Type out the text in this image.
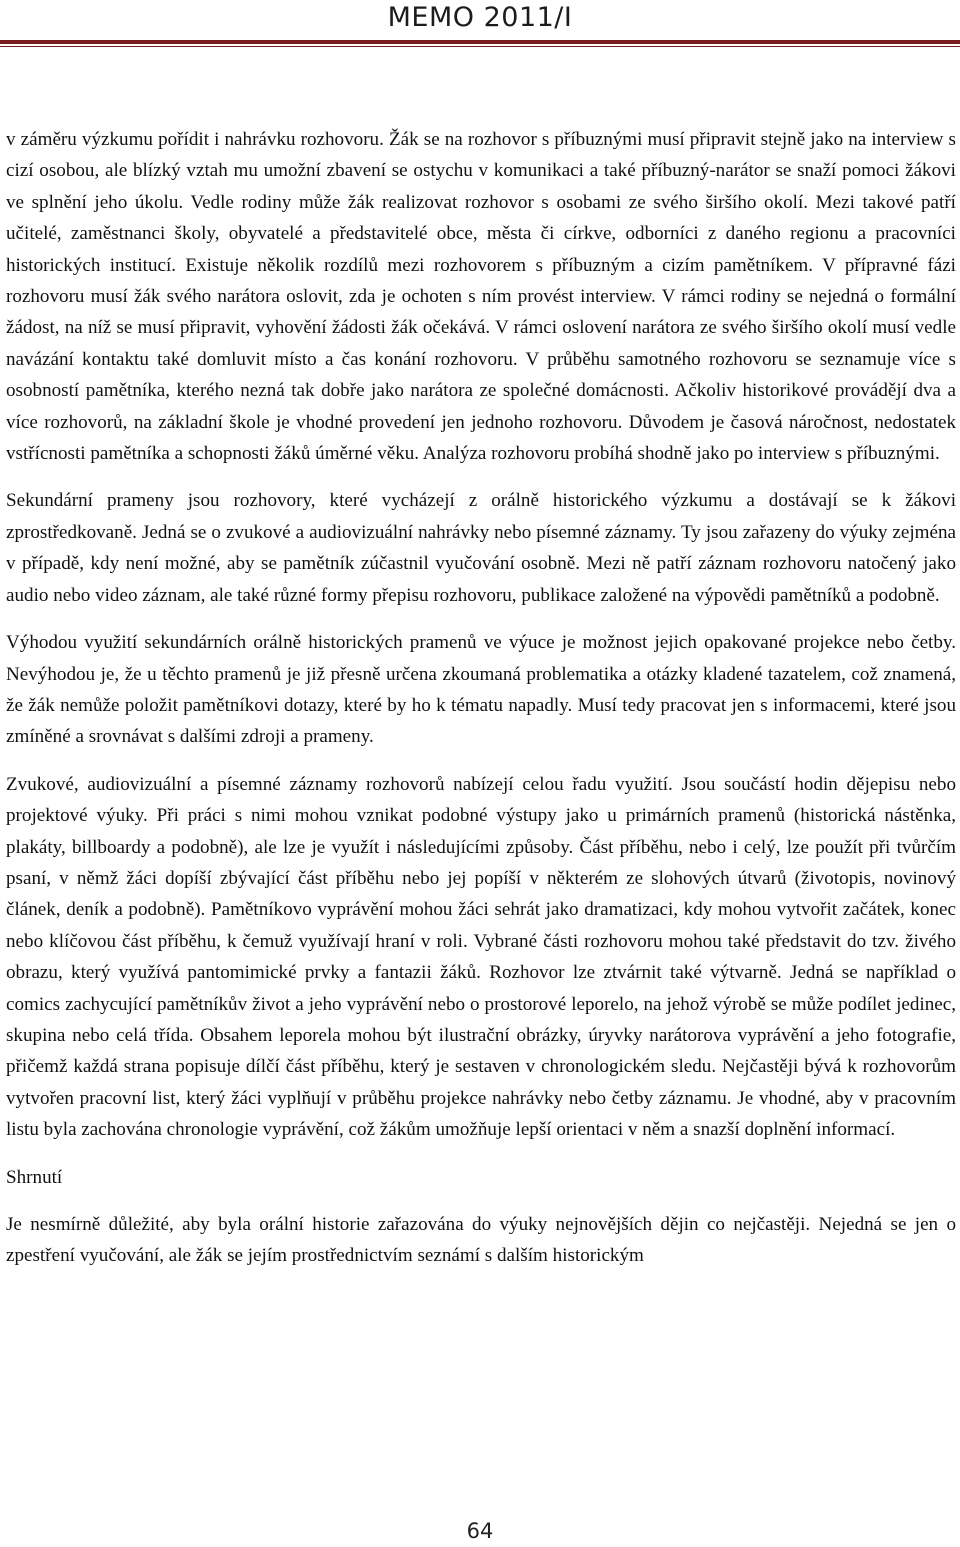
MEMO 2011/I

v záměru výzkumu pořídit i nahrávku rozhovoru. Žák se na rozhovor s příbuznými musí připravit stejně jako na interview s cizí osobou, ale blízký vztah mu umožní zbavení se ostychu v komunikaci a také příbuzný-narátor se snaží pomoci žákovi ve splnění jeho úkolu. Vedle rodiny může žák realizovat rozhovor s osobami ze svého širšího okolí. Mezi takové patří učitelé, zaměstnanci školy, obyvatelé a představitelé obce, města či církve, odborníci z daného regionu a pracovníci historických institucí. Existuje několik rozdílů mezi rozhovorem s příbuzným a cizím pamětníkem. V přípravné fázi rozhovoru musí žák svého narátora oslovit, zda je ochoten s ním provést interview. V rámci rodiny se nejedná o formální žádost, na níž se musí připravit, vyhovění žádosti žák očekává. V rámci oslovení narátora ze svého širšího okolí musí vedle navázání kontaktu také domluvit místo a čas konání rozhovoru. V průběhu samotného rozhovoru se seznamuje více s osobností pamětníka, kterého nezná tak dobře jako narátora ze společné domácnosti. Ačkoliv historikové provádějí dva a více rozhovorů, na základní škole je vhodné provedení jen jednoho rozhovoru. Důvodem je časová náročnost, nedostatek vstřícnosti pamětníka a schopnosti žáků úměrné věku. Analýza rozhovoru probíhá shodně jako po interview s příbuznými.

Sekundární prameny jsou rozhovory, které vycházejí z orálně historického výzkumu a dostávají se k žákovi zprostředkovaně. Jedná se o zvukové a audiovizuální nahrávky nebo písemné záznamy. Ty jsou zařazeny do výuky zejména v případě, kdy není možné, aby se pamětník zúčastnil vyučování osobně. Mezi ně patří záznam rozhovoru natočený jako audio nebo video záznam, ale také různé formy přepisu rozhovoru, publikace založené na výpovědi pamětníků a podobně.

Výhodou využití sekundárních orálně historických pramenů ve výuce je možnost jejich opakované projekce nebo četby. Nevýhodou je, že u těchto pramenů je již přesně určena zkoumaná problematika a otázky kladené tazatelem, což znamená, že žák nemůže položit pamětníkovi dotazy, které by ho k tématu napadly. Musí tedy pracovat jen s informacemi, které jsou zmíněné a srovnávat s dalšími zdroji a prameny.

Zvukové, audiovizuální a písemné záznamy rozhovorů nabízejí celou řadu využití. Jsou součástí hodin dějepisu nebo projektové výuky. Při práci s nimi mohou vznikat podobné výstupy jako u primárních pramenů (historická nástěnka, plakáty, billboardy a podobně), ale lze je využít i následujícími způsoby. Část příběhu, nebo i celý, lze použít při tvůrčím psaní, v němž žáci dopíší zbývající část příběhu nebo jej popíší v některém ze slohových útvarů (životopis, novinový článek, deník a podobně). Pamětníkovo vyprávění mohou žáci sehrát jako dramatizaci, kdy mohou vytvořit začátek, konec nebo klíčovou část příběhu, k čemuž využívají hraní v roli. Vybrané části rozhovoru mohou také představit do tzv. živého obrazu, který využívá pantomimické prvky a fantazii žáků. Rozhovor lze ztvárnit také výtvarně. Jedná se například o comics zachycující pamětníkův život a jeho vyprávění nebo o prostorové leporelo, na jehož výrobě se může podílet jedinec, skupina nebo celá třída. Obsahem leporela mohou být ilustrační obrázky, úryvky narátorova vyprávění a jeho fotografie, přičemž každá strana popisuje dílčí část příběhu, který je sestaven v chronologickém sledu. Nejčastěji bývá k rozhovorům vytvořen pracovní list, který žáci vyplňují v průběhu projekce nahrávky nebo četby záznamu. Je vhodné, aby v pracovním listu byla zachována chronologie vyprávění, což žákům umožňuje lepší orientaci v něm a snazší doplnění informací.

Shrnutí

Je nesmírně důležité, aby byla orální historie zařazována do výuky nejnovějších dějin co nejčastěji. Nejedná se jen o zpestření vyučování, ale žák se jejím prostřednictvím seznámí s dalším historickým

64
